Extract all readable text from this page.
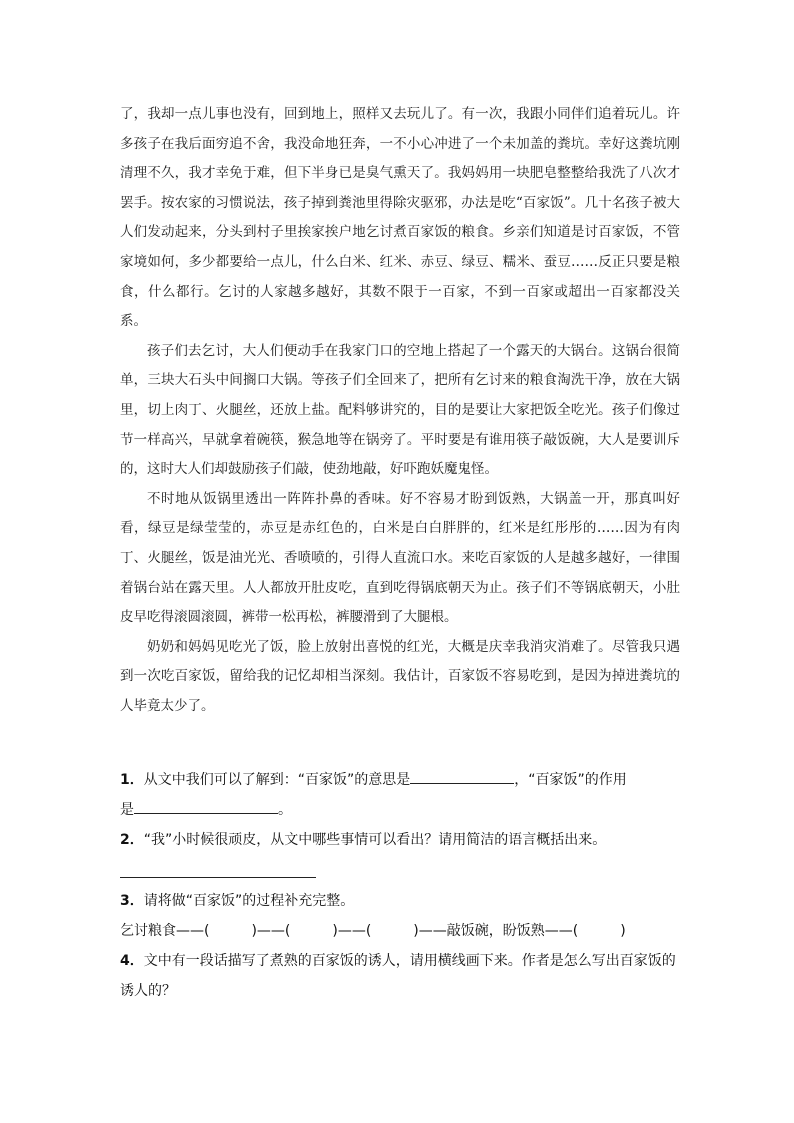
了，我却一点儿事也没有，回到地上，照样又去玩儿了。有一次，我跟小同伴们追着玩儿。许多孩子在我后面穷追不舍，我没命地狂奔，一不小心冲进了一个未加盖的粪坑。幸好这粪坑刚清理不久，我才幸免于难，但下半身已是臭气熏天了。我妈妈用一块肥皂整整给我洗了八次才罢手。按农家的习惯说法，孩子掉到粪池里得除灾驱邪，办法是吃“百家饭”。几十名孩子被大人们发动起来，分头到村子里挨家挨户地乞讨煮百家饭的粮食。乡亲们知道是讨百家饭，不管家境如何，多少都要给一点儿，什么白米、红米、赤豆、绿豆、糯米、蚕豆……反正只要是粮食，什么都行。乞讨的人家越多越好，其数不限于一百家，不到一百家或超出一百家都没关系。

孩子们去乞讨，大人们便动手在我家门口的空地上搭起了一个露天的大锅台。这锅台很简单，三块大石头中间搁口大锅。等孩子们全回来了，把所有乞讨来的粮食淘洗干净，放在大锅里，切上肉丁、火腿丝，还放上盐。配料够讲究的，目的是要让大家把饭全吃光。孩子们像过节一样高兴，早就拿着碗筷，猴急地等在锅旁了。平时要是有谁用筷子敲饭碗，大人是要训斥的，这时大人们却鼓励孩子们敲，使劲地敲，好吓跑妖魔鬼怪。

不时地从饭锅里透出一阵阵扑鼻的香味。好不容易才盼到饭熟，大锅盖一开，那真叫好看，绿豆是绿莹莹的，赤豆是赤红色的，白米是白白胖胖的，红米是红彤彤的……因为有肉丁、火腿丝，饭是油光光、香喷喷的，引得人直流口水。来吃百家饭的人是越多越好，一律围着锅台站在露天里。人人都放开肚皮吃，直到吃得锅底朝天为止。孩子们不等锅底朝天，小肚皮早吃得滚圆滚圆，裤带一松再松，裤腰滑到了大腿根。

奶奶和妈妈见吃光了饭，脸上放射出喜悦的红光，大概是庆幸我消灾消难了。尽管我只遇到一次吃百家饭，留给我的记忆却相当深刻。我估计，百家饭不容易吃到，是因为掉进粪坑的人毕竟太少了。

1．从文中我们可以了解到：“百家饭”的意思是	，“百家饭”的作用
是	。
2．“我”小时候很顽皮，从文中哪些事情可以看出？请用简洁的语言概括出来。
3．请将做“百家饭”的过程补充完整。
乞讨粮食——(　　　)——(　　　)——(　　　)——敲饭碗，盼饭熟——(　　　)
4．文中有一段话描写了煮熟的百家饭的诱人，请用横线画下来。作者是怎么写出百家饭的诱人的？
